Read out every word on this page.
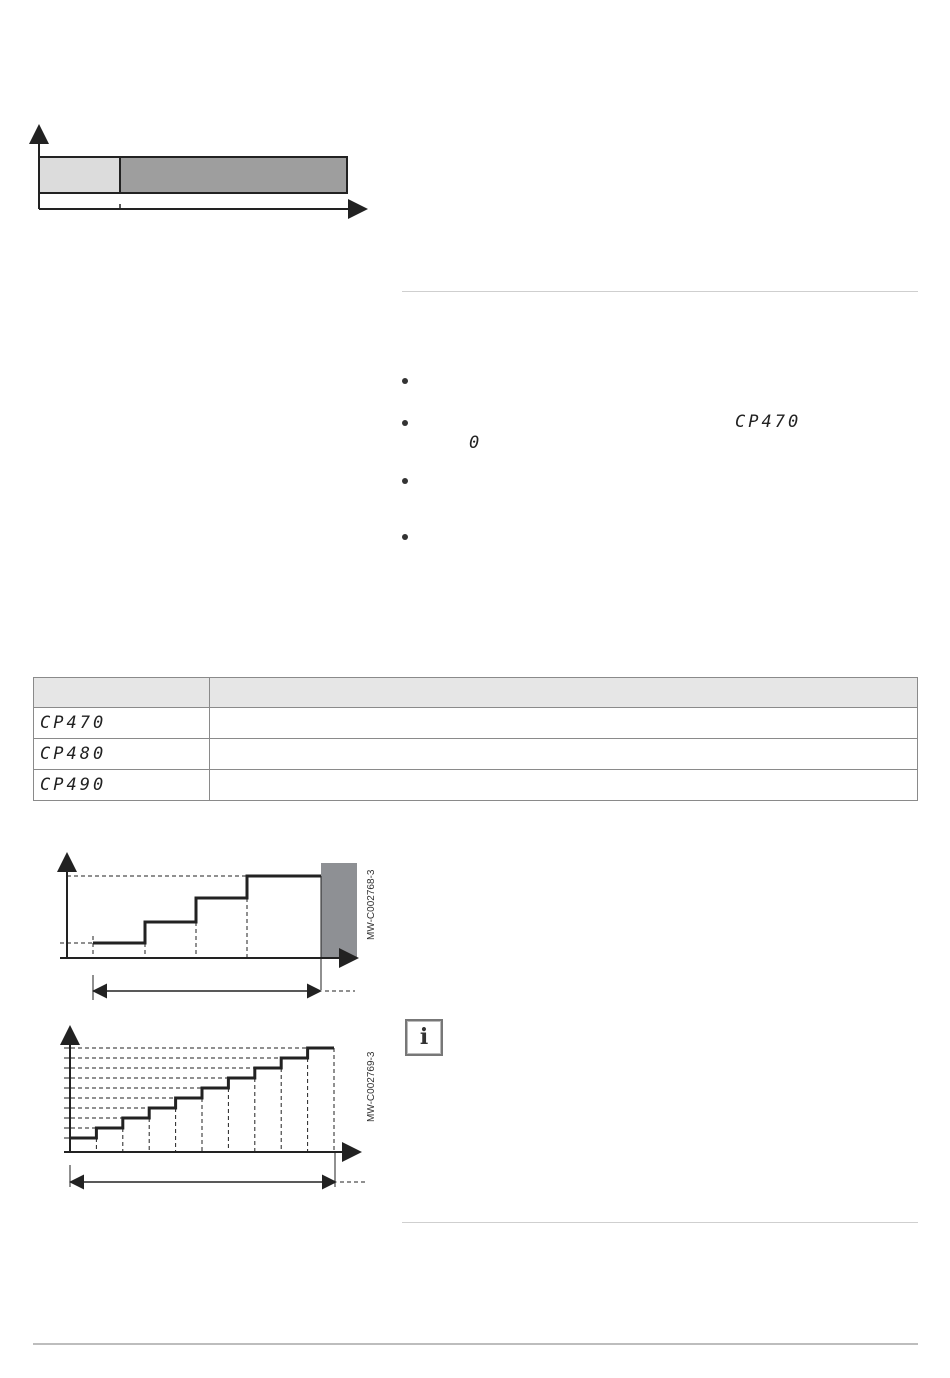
CP470
0

CP470	
CP480	
CP490	
MW-C002768-3
MW-C002769-3
i
